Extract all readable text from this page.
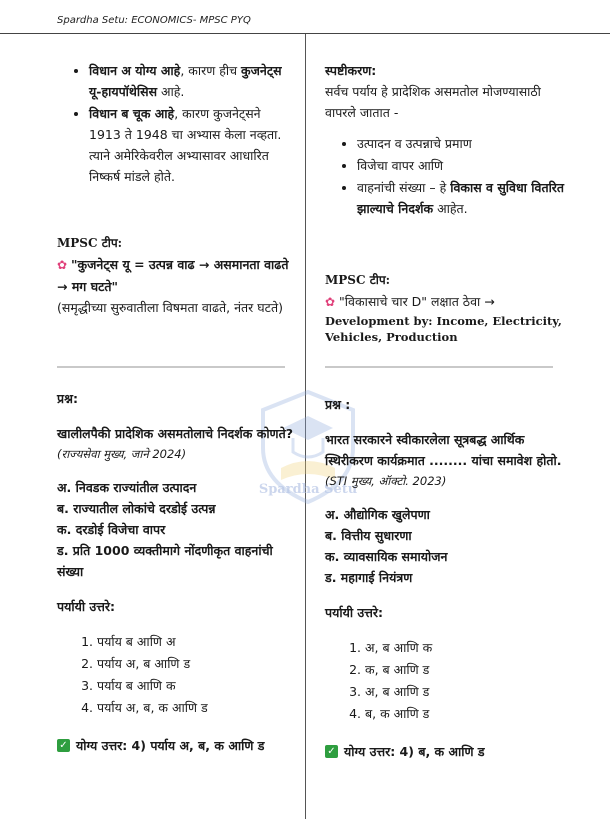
Spardha Setu: ECONOMICS- MPSC PYQ
Spardha Setu
• विधान अ योग्य आहे, कारण हीच कुजनेट्स यू-हायपॉथेसिस आहे.
• विधान ब चूक आहे, कारण कुजनेट्सने 1913 ते 1948 चा अभ्यास केला नव्हता. त्याने अमेरिकेवरील अभ्यासावर आधारित निष्कर्ष मांडले होते.

MPSC टीप:

✿ "कुजनेट्स यू = उत्पन्न वाढ → असमानता वाढते → मग घटते"

(समृद्धीच्या सुरुवातीला विषमता वाढते, नंतर घटते)

स्पष्टीकरण:

सर्वच पर्याय हे प्रादेशिक असमतोल मोजण्यासाठी वापरले जातात -

• उत्पादन व उत्पन्नाचे प्रमाण
• विजेचा वापर आणि
• वाहनांची संख्या – हे विकास व सुविधा वितरित झाल्याचे निदर्शक आहेत.

MPSC टीप:

✿ "विकासाचे चार D" लक्षात ठेवा →

Development by: Income, Electricity, Vehicles, Production

प्रश्न:

खालीलपैकी प्रादेशिक असमतोलाचे निदर्शक कोणते?

(राज्यसेवा मुख्य, जाने 2024)

अ. निवडक राज्यांतील उत्पादन

ब. राज्यातील लोकांचे दरडोई उत्पन्न

क. दरडोई विजेचा वापर

ड. प्रति 1000 व्यक्तीमागे नोंदणीकृत वाहनांची संख्या

पर्यायी उत्तरे:

1. पर्याय ब आणि अ
2. पर्याय अ, ब आणि ड
3. पर्याय ब आणि क
4. पर्याय अ, ब, क आणि ड
✓ योग्य उत्तर: 4) पर्याय अ, ब, क आणि ड

प्रश्न :

भारत सरकारने स्वीकारलेला सूत्रबद्ध आर्थिक स्थिरीकरण कार्यक्रमात ........ यांचा समावेश होतो.

(STI मुख्य, ऑक्टो. 2023)

अ. औद्योगिक खुलेपणा

ब. वित्तीय सुधारणा

क. व्यावसायिक समायोजन

ड. महागाई नियंत्रण

पर्यायी उत्तरे:

1. अ, ब आणि क
2. क, ब आणि ड
3. अ, ब आणि ड
4. ब, क आणि ड
✓ योग्य उत्तर: 4) ब, क आणि ड
